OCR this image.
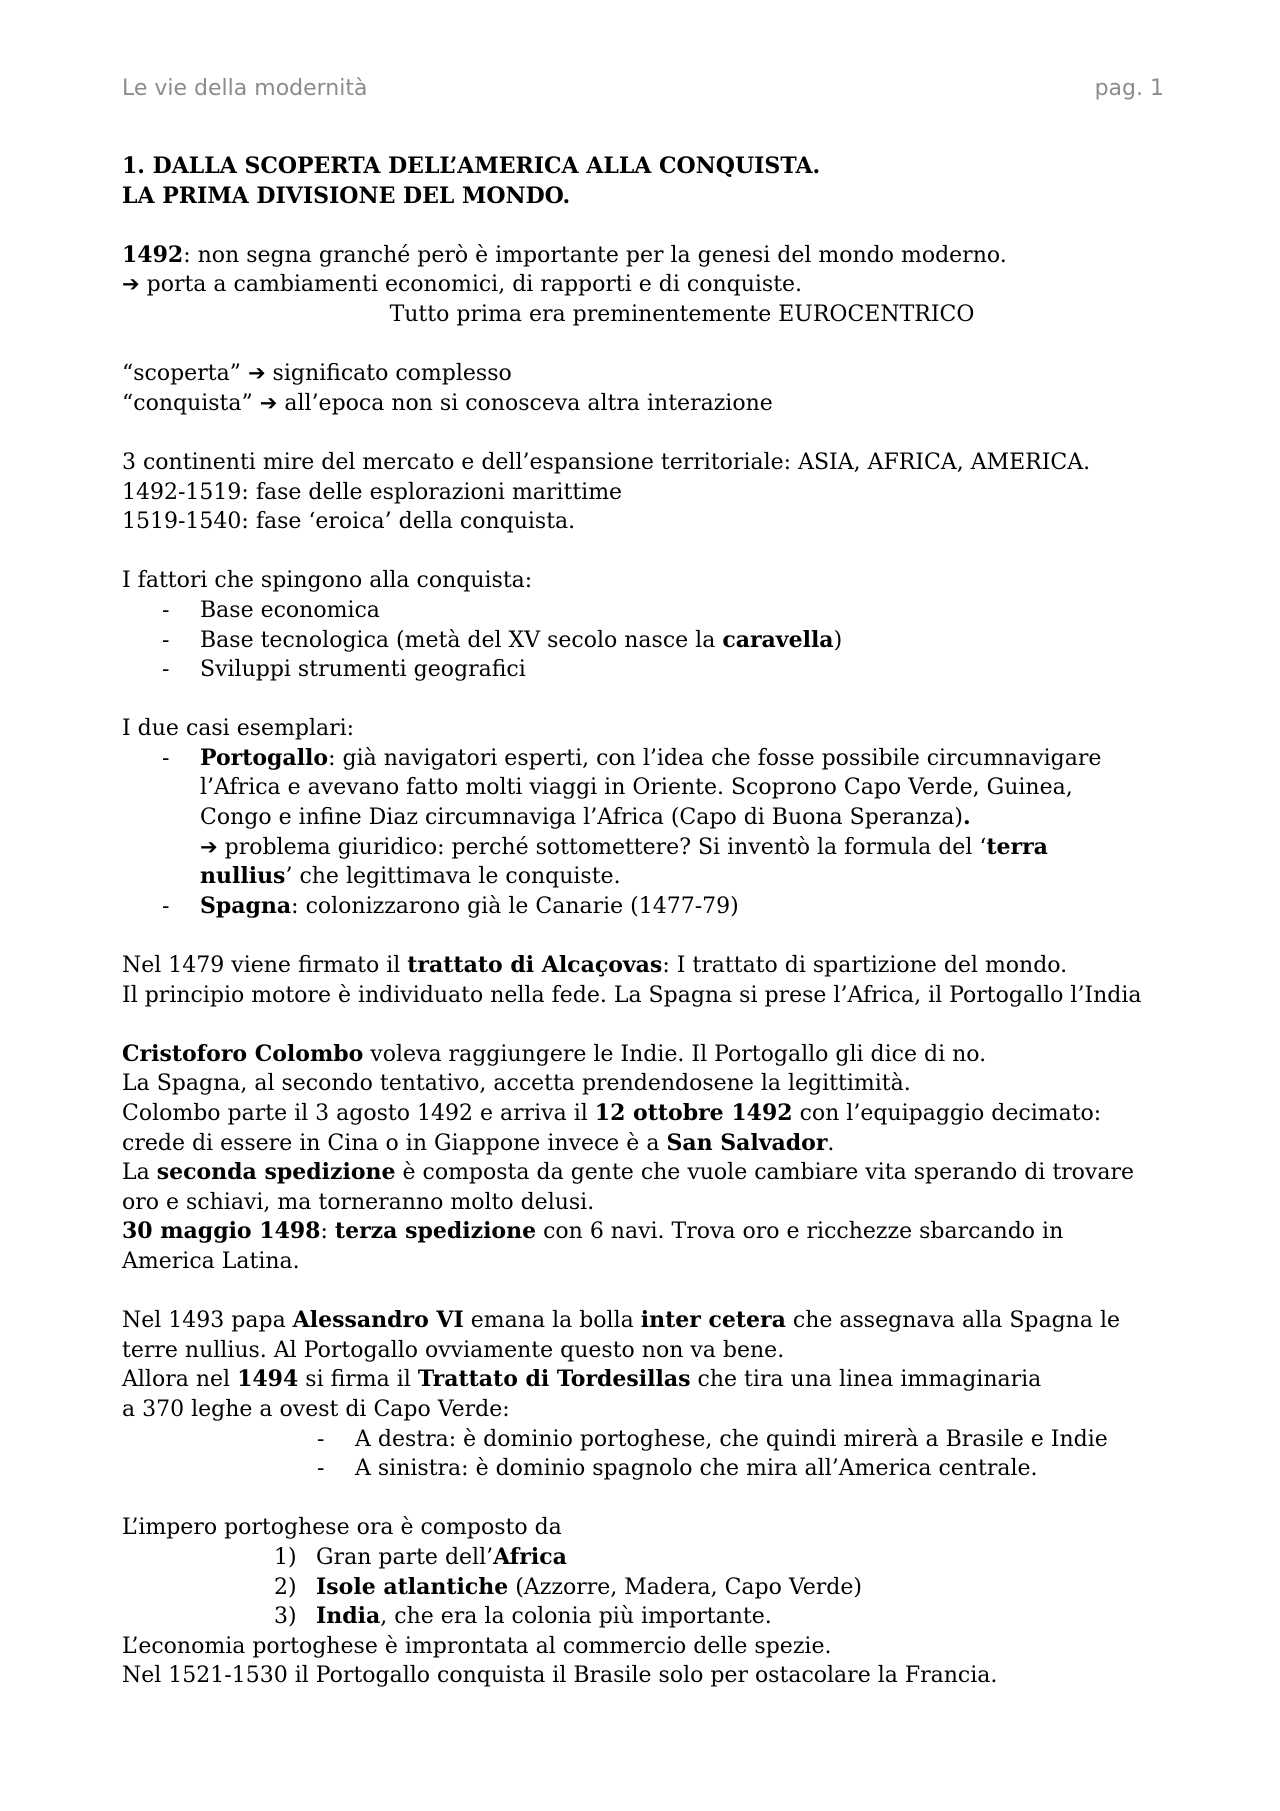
Le vie della modernità	pag. 1
1. DALLA SCOPERTA DELL’AMERICA ALLA CONQUISTA.
LA PRIMA DIVISIONE DEL MONDO.
1492: non segna granché però è importante per la genesi del mondo moderno.
➔ porta a cambiamenti economici, di rapporti e di conquiste.
Tutto prima era preminentemente EUROCENTRICO
“scoperta” ➔ significato complesso
“conquista” ➔ all’epoca non si conosceva altra interazione
3 continenti mire del mercato e dell’espansione territoriale: ASIA, AFRICA, AMERICA.
1492-1519: fase delle esplorazioni marittime
1519-1540: fase ‘eroica’ della conquista.
I fattori che spingono alla conquista:
- Base economica
- Base tecnologica (metà del XV secolo nasce la caravella)
- Sviluppi strumenti geografici
I due casi esemplari:
- Portogallo: già navigatori esperti, con l’idea che fosse possibile circumnavigare
l’Africa e avevano fatto molti viaggi in Oriente. Scoprono Capo Verde, Guinea,
Congo e infine Diaz circumnaviga l’Africa (Capo di Buona Speranza).
➔ problema giuridico: perché sottomettere? Si inventò la formula del ‘terra
nullius’ che legittimava le conquiste.
- Spagna: colonizzarono già le Canarie (1477-79)
Nel 1479 viene firmato il trattato di Alcaçovas: I trattato di spartizione del mondo.
Il principio motore è individuato nella fede. La Spagna si prese l’Africa, il Portogallo l’India
Cristoforo Colombo voleva raggiungere le Indie. Il Portogallo gli dice di no.
La Spagna, al secondo tentativo, accetta prendendosene la legittimità.
Colombo parte il 3 agosto 1492 e arriva il 12 ottobre 1492 con l’equipaggio decimato:
crede di essere in Cina o in Giappone invece è a San Salvador.
La seconda spedizione è composta da gente che vuole cambiare vita sperando di trovare
oro e schiavi, ma torneranno molto delusi.
30 maggio 1498: terza spedizione con 6 navi. Trova oro e ricchezze sbarcando in
America Latina.
Nel 1493 papa Alessandro VI emana la bolla inter cetera che assegnava alla Spagna le
terre nullius. Al Portogallo ovviamente questo non va bene.
Allora nel 1494 si firma il Trattato di Tordesillas che tira una linea immaginaria
a 370 leghe a ovest di Capo Verde:
- A destra: è dominio portoghese, che quindi mirerà a Brasile e Indie
- A sinistra: è dominio spagnolo che mira all’America centrale.
L’impero portoghese ora è composto da
1) Gran parte dell’Africa
2) Isole atlantiche (Azzorre, Madera, Capo Verde)
3) India, che era la colonia più importante.
L’economia portoghese è improntata al commercio delle spezie.
Nel 1521-1530 il Portogallo conquista il Brasile solo per ostacolare la Francia.
